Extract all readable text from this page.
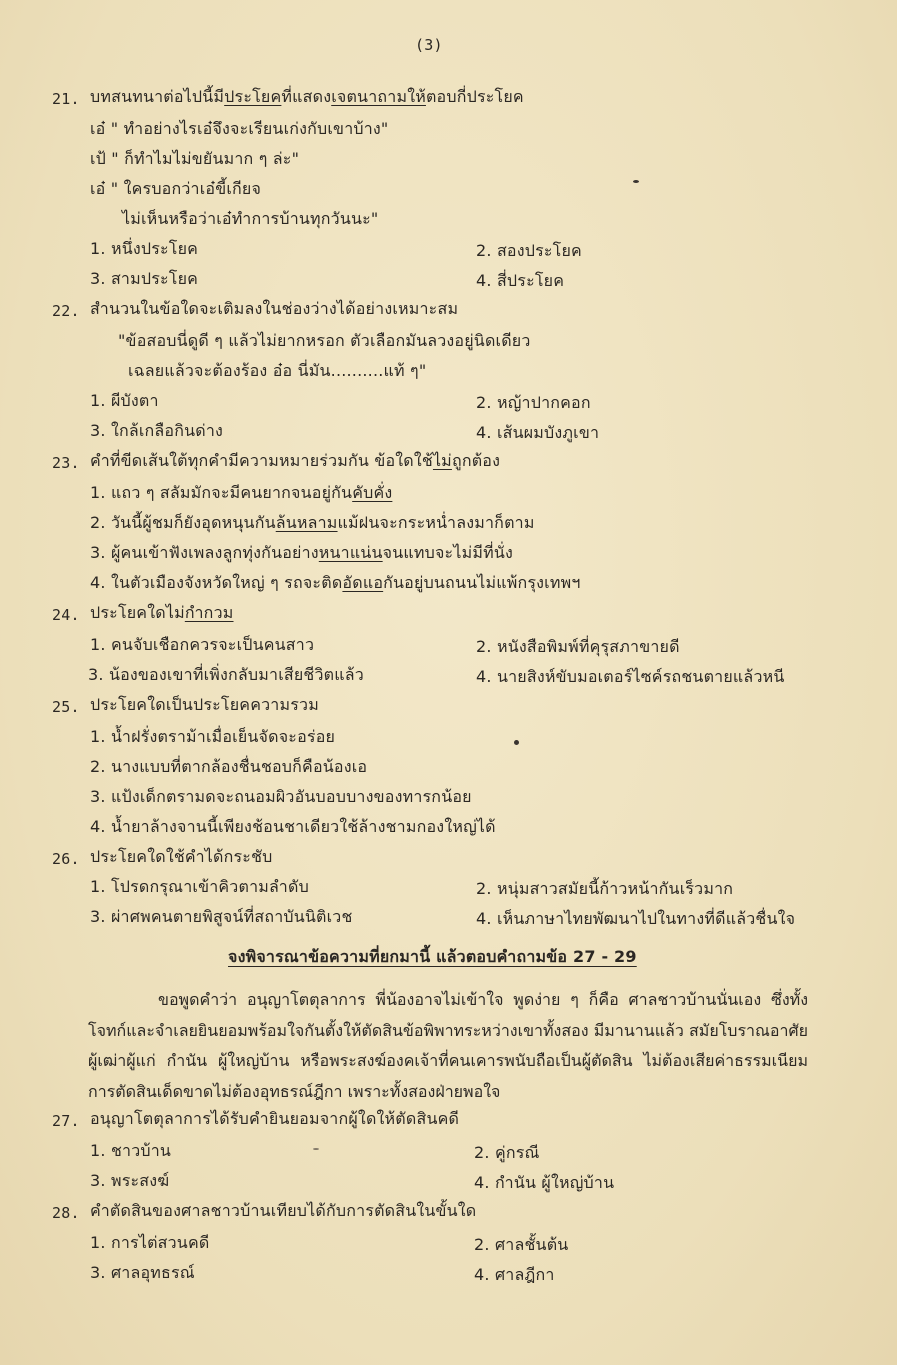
(3)
21. บทสนทนาต่อไปนี้มีประโยคที่แสดงเจตนาถามให้ตอบกี่ประโยค
เอ๋ " ทำอย่างไรเอ๋จึงจะเรียนเก่งกับเขาบ้าง"
เป้ " ก็ทำไมไม่ขยันมาก ๆ ล่ะ"
เอ๋ " ใครบอกว่าเอ๋ขี้เกียจ
ไม่เห็นหรือว่าเอ๋ทำการบ้านทุกวันนะ"
1. หนึ่งประโยค	2. สองประโยค
3. สามประโยค	4. สี่ประโยค
22. สำนวนในข้อใดจะเติมลงในช่องว่างได้อย่างเหมาะสม
"ข้อสอบนี่ดูดี ๆ แล้วไม่ยากหรอก ตัวเลือกมันลวงอยู่นิดเดียว
เฉลยแล้วจะต้องร้อง อ๋อ นี่มัน..........แท้ ๆ"
1. ผีบังตา	2. หญ้าปากคอก
3. ใกล้เกลือกินด่าง	4. เส้นผมบังภูเขา
23. คำที่ขีดเส้นใต้ทุกคำมีความหมายร่วมกัน ข้อใดใช้ไม่ถูกต้อง
1. แถว ๆ สลัมมักจะมีคนยากจนอยู่กันคับคั่ง
2. วันนี้ผู้ชมก็ยังอุดหนุนกันล้นหลามแม้ฝนจะกระหน่ำลงมาก็ตาม
3. ผู้คนเข้าฟังเพลงลูกทุ่งกันอย่างหนาแน่นจนแทบจะไม่มีที่นั่ง
4. ในตัวเมืองจังหวัดใหญ่ ๆ รถจะติดอัดแอกันอยู่บนถนนไม่แพ้กรุงเทพฯ
24. ประโยคใดไม่กำกวม
1. คนจับเชือกควรจะเป็นคนสาว	2. หนังสือพิมพ์ที่คุรุสภาขายดี
3. น้องของเขาที่เพิ่งกลับมาเสียชีวิตแล้ว	4. นายสิงห์ขับมอเตอร์ไซค์รถชนตายแล้วหนี
25. ประโยคใดเป็นประโยคความรวม
1. น้ำฝรั่งตราม้าเมื่อเย็นจัดจะอร่อย
2. นางแบบที่ตากล้องชื่นชอบก็คือน้องเอ
3. แป้งเด็กตรามดจะถนอมผิวอันบอบบางของทารกน้อย
4. น้ำยาล้างจานนี้เพียงช้อนชาเดียวใช้ล้างชามกองใหญ่ได้
26. ประโยคใดใช้คำได้กระชับ
1. โปรดกรุณาเข้าคิวตามลำดับ	2. หนุ่มสาวสมัยนี้ก้าวหน้ากันเร็วมาก
3. ผ่าศพคนตายพิสูจน์ที่สถาบันนิติเวช	4. เห็นภาษาไทยพัฒนาไปในทางที่ดีแล้วชื่นใจ
จงพิจารณาข้อความที่ยกมานี้ แล้วตอบคำถามข้อ 27 - 29
ขอพูดคำว่า อนุญาโตตุลาการ พี่น้องอาจไม่เข้าใจ พูดง่าย ๆ ก็คือ ศาลชาวบ้านนั่นเอง ซึ่งทั้งโจทก์และจำเลยยินยอมพร้อมใจกันตั้งให้ตัดสินข้อพิพาทระหว่างเขาทั้งสอง มีมานานแล้ว สมัยโบราณอาศัยผู้เฒ่าผู้แก่ กำนัน ผู้ใหญ่บ้าน หรือพระสงฆ์องคเจ้าที่คนเคารพนับถือเป็นผู้ตัดสิน ไม่ต้องเสียค่าธรรมเนียม การตัดสินเด็ดขาดไม่ต้องอุทธรณ์ฎีกา เพราะทั้งสองฝ่ายพอใจ
27. อนุญาโตตุลาการได้รับคำยินยอมจากผู้ใดให้ตัดสินคดี
1. ชาวบ้าน	2. คู่กรณี
3. พระสงฆ์	4. กำนัน ผู้ใหญ่บ้าน
28. คำตัดสินของศาลชาวบ้านเทียบได้กับการตัดสินในขั้นใด
1. การไต่สวนคดี	2. ศาลชั้นต้น
3. ศาลอุทธรณ์	4. ศาลฎีกา
